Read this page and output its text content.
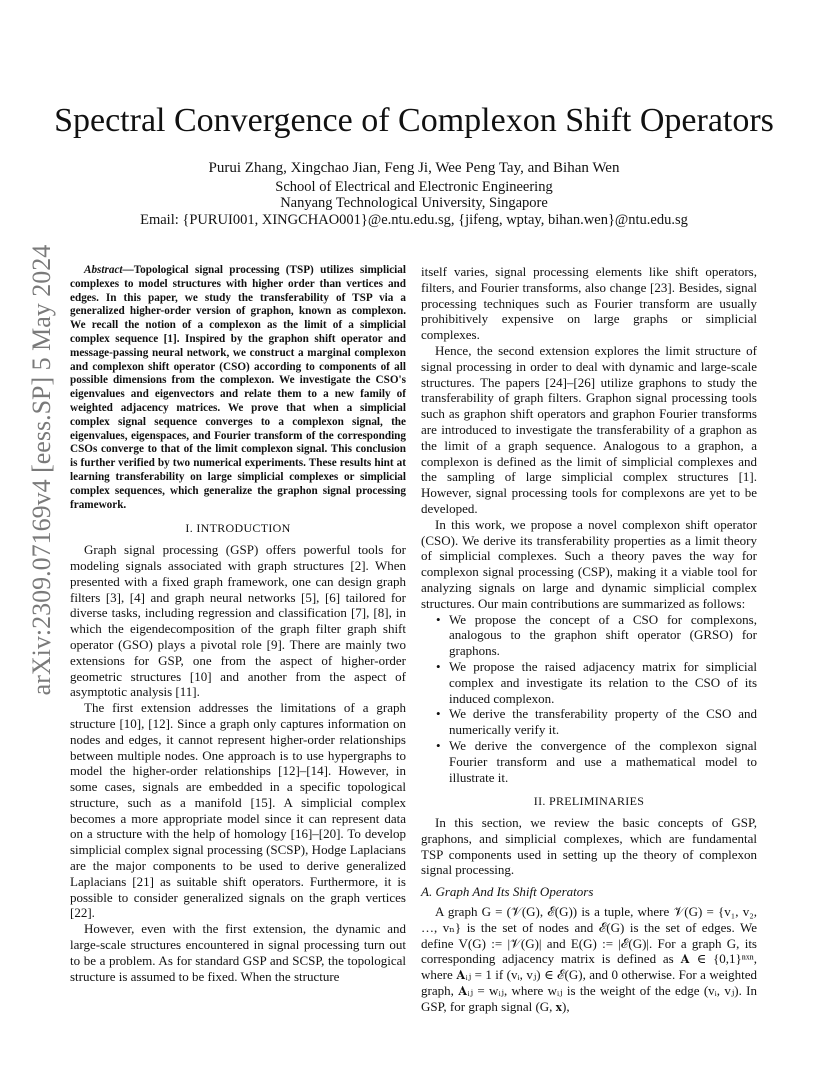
arXiv:2309.07169v4 [eess.SP] 5 May 2024
Spectral Convergence of Complexon Shift Operators
Purui Zhang, Xingchao Jian, Feng Ji, Wee Peng Tay, and Bihan Wen
School of Electrical and Electronic Engineering
Nanyang Technological University, Singapore
Email: {PURUI001, XINGCHAO001}@e.ntu.edu.sg, {jifeng, wptay, bihan.wen}@ntu.edu.sg

Abstract—Topological signal processing (TSP) utilizes simplicial complexes to model structures with higher order than vertices and edges. In this paper, we study the transferability of TSP via a generalized higher-order version of graphon, known as complexon. We recall the notion of a complexon as the limit of a simplicial complex sequence [1]. Inspired by the graphon shift operator and message-passing neural network, we construct a marginal complexon and complexon shift operator (CSO) according to components of all possible dimensions from the complexon. We investigate the CSO's eigenvalues and eigenvectors and relate them to a new family of weighted adjacency matrices. We prove that when a simplicial complex signal sequence converges to a complexon signal, the eigenvalues, eigenspaces, and Fourier transform of the corresponding CSOs converge to that of the limit complexon signal. This conclusion is further verified by two numerical experiments. These results hint at learning transferability on large simplicial complexes or simplicial complex sequences, which generalize the graphon signal processing framework.

I. INTRODUCTION

Graph signal processing (GSP) offers powerful tools for modeling signals associated with graph structures [2]. When presented with a fixed graph framework, one can design graph filters [3], [4] and graph neural networks [5], [6] tailored for diverse tasks, including regression and classification [7], [8], in which the eigendecomposition of the graph filter graph shift operator (GSO) plays a pivotal role [9]. There are mainly two extensions for GSP, one from the aspect of higher-order geometric structures [10] and another from the aspect of asymptotic analysis [11].

The first extension addresses the limitations of a graph structure [10], [12]. Since a graph only captures information on nodes and edges, it cannot represent higher-order relationships between multiple nodes. One approach is to use hypergraphs to model the higher-order relationships [12]–[14]. However, in some cases, signals are embedded in a specific topological structure, such as a manifold [15]. A simplicial complex becomes a more appropriate model since it can represent data on a structure with the help of homology [16]–[20]. To develop simplicial complex signal processing (SCSP), Hodge Laplacians are the major components to be used to derive generalized Laplacians [21] as suitable shift operators. Furthermore, it is possible to consider generalized signals on the graph vertices [22].

However, even with the first extension, the dynamic and large-scale structures encountered in signal processing turn out to be a problem. As for standard GSP and SCSP, the topological structure is assumed to be fixed. When the structure

itself varies, signal processing elements like shift operators, filters, and Fourier transforms, also change [23]. Besides, signal processing techniques such as Fourier transform are usually prohibitively expensive on large graphs or simplicial complexes.

Hence, the second extension explores the limit structure of signal processing in order to deal with dynamic and large-scale structures. The papers [24]–[26] utilize graphons to study the transferability of graph filters. Graphon signal processing tools such as graphon shift operators and graphon Fourier transforms are introduced to investigate the transferability of a graphon as the limit of a graph sequence. Analogous to a graphon, a complexon is defined as the limit of simplicial complexes and the sampling of large simplicial complex structures [1]. However, signal processing tools for complexons are yet to be developed.

In this work, we propose a novel complexon shift operator (CSO). We derive its transferability properties as a limit theory of simplicial complexes. Such a theory paves the way for complexon signal processing (CSP), making it a viable tool for analyzing signals on large and dynamic simplicial complex structures. Our main contributions are summarized as follows:

• We propose the concept of a CSO for complexons, analogous to the graphon shift operator (GRSO) for graphons.
• We propose the raised adjacency matrix for simplicial complex and investigate its relation to the CSO of its induced complexon.
• We derive the transferability property of the CSO and numerically verify it.
• We derive the convergence of the complexon signal Fourier transform and use a mathematical model to illustrate it.
II. PRELIMINARIES

In this section, we review the basic concepts of GSP, graphons, and simplicial complexes, which are fundamental TSP components used in setting up the theory of complexon signal processing.

A. Graph And Its Shift Operators

A graph G = (𝒱(G), ℰ(G)) is a tuple, where 𝒱(G) = {v₁, v₂, …, vₙ} is the set of nodes and ℰ(G) is the set of edges. We define V(G) := |𝒱(G)| and E(G) := |ℰ(G)|. For a graph G, its corresponding adjacency matrix is defined as 𝐀 ∈ {0,1}ⁿˣⁿ, where 𝐀ᵢⱼ = 1 if (vᵢ, vⱼ) ∈ ℰ(G), and 0 otherwise. For a weighted graph, 𝐀ᵢⱼ = wᵢⱼ, where wᵢⱼ is the weight of the edge (vᵢ, vⱼ). In GSP, for graph signal (G, 𝐱),
